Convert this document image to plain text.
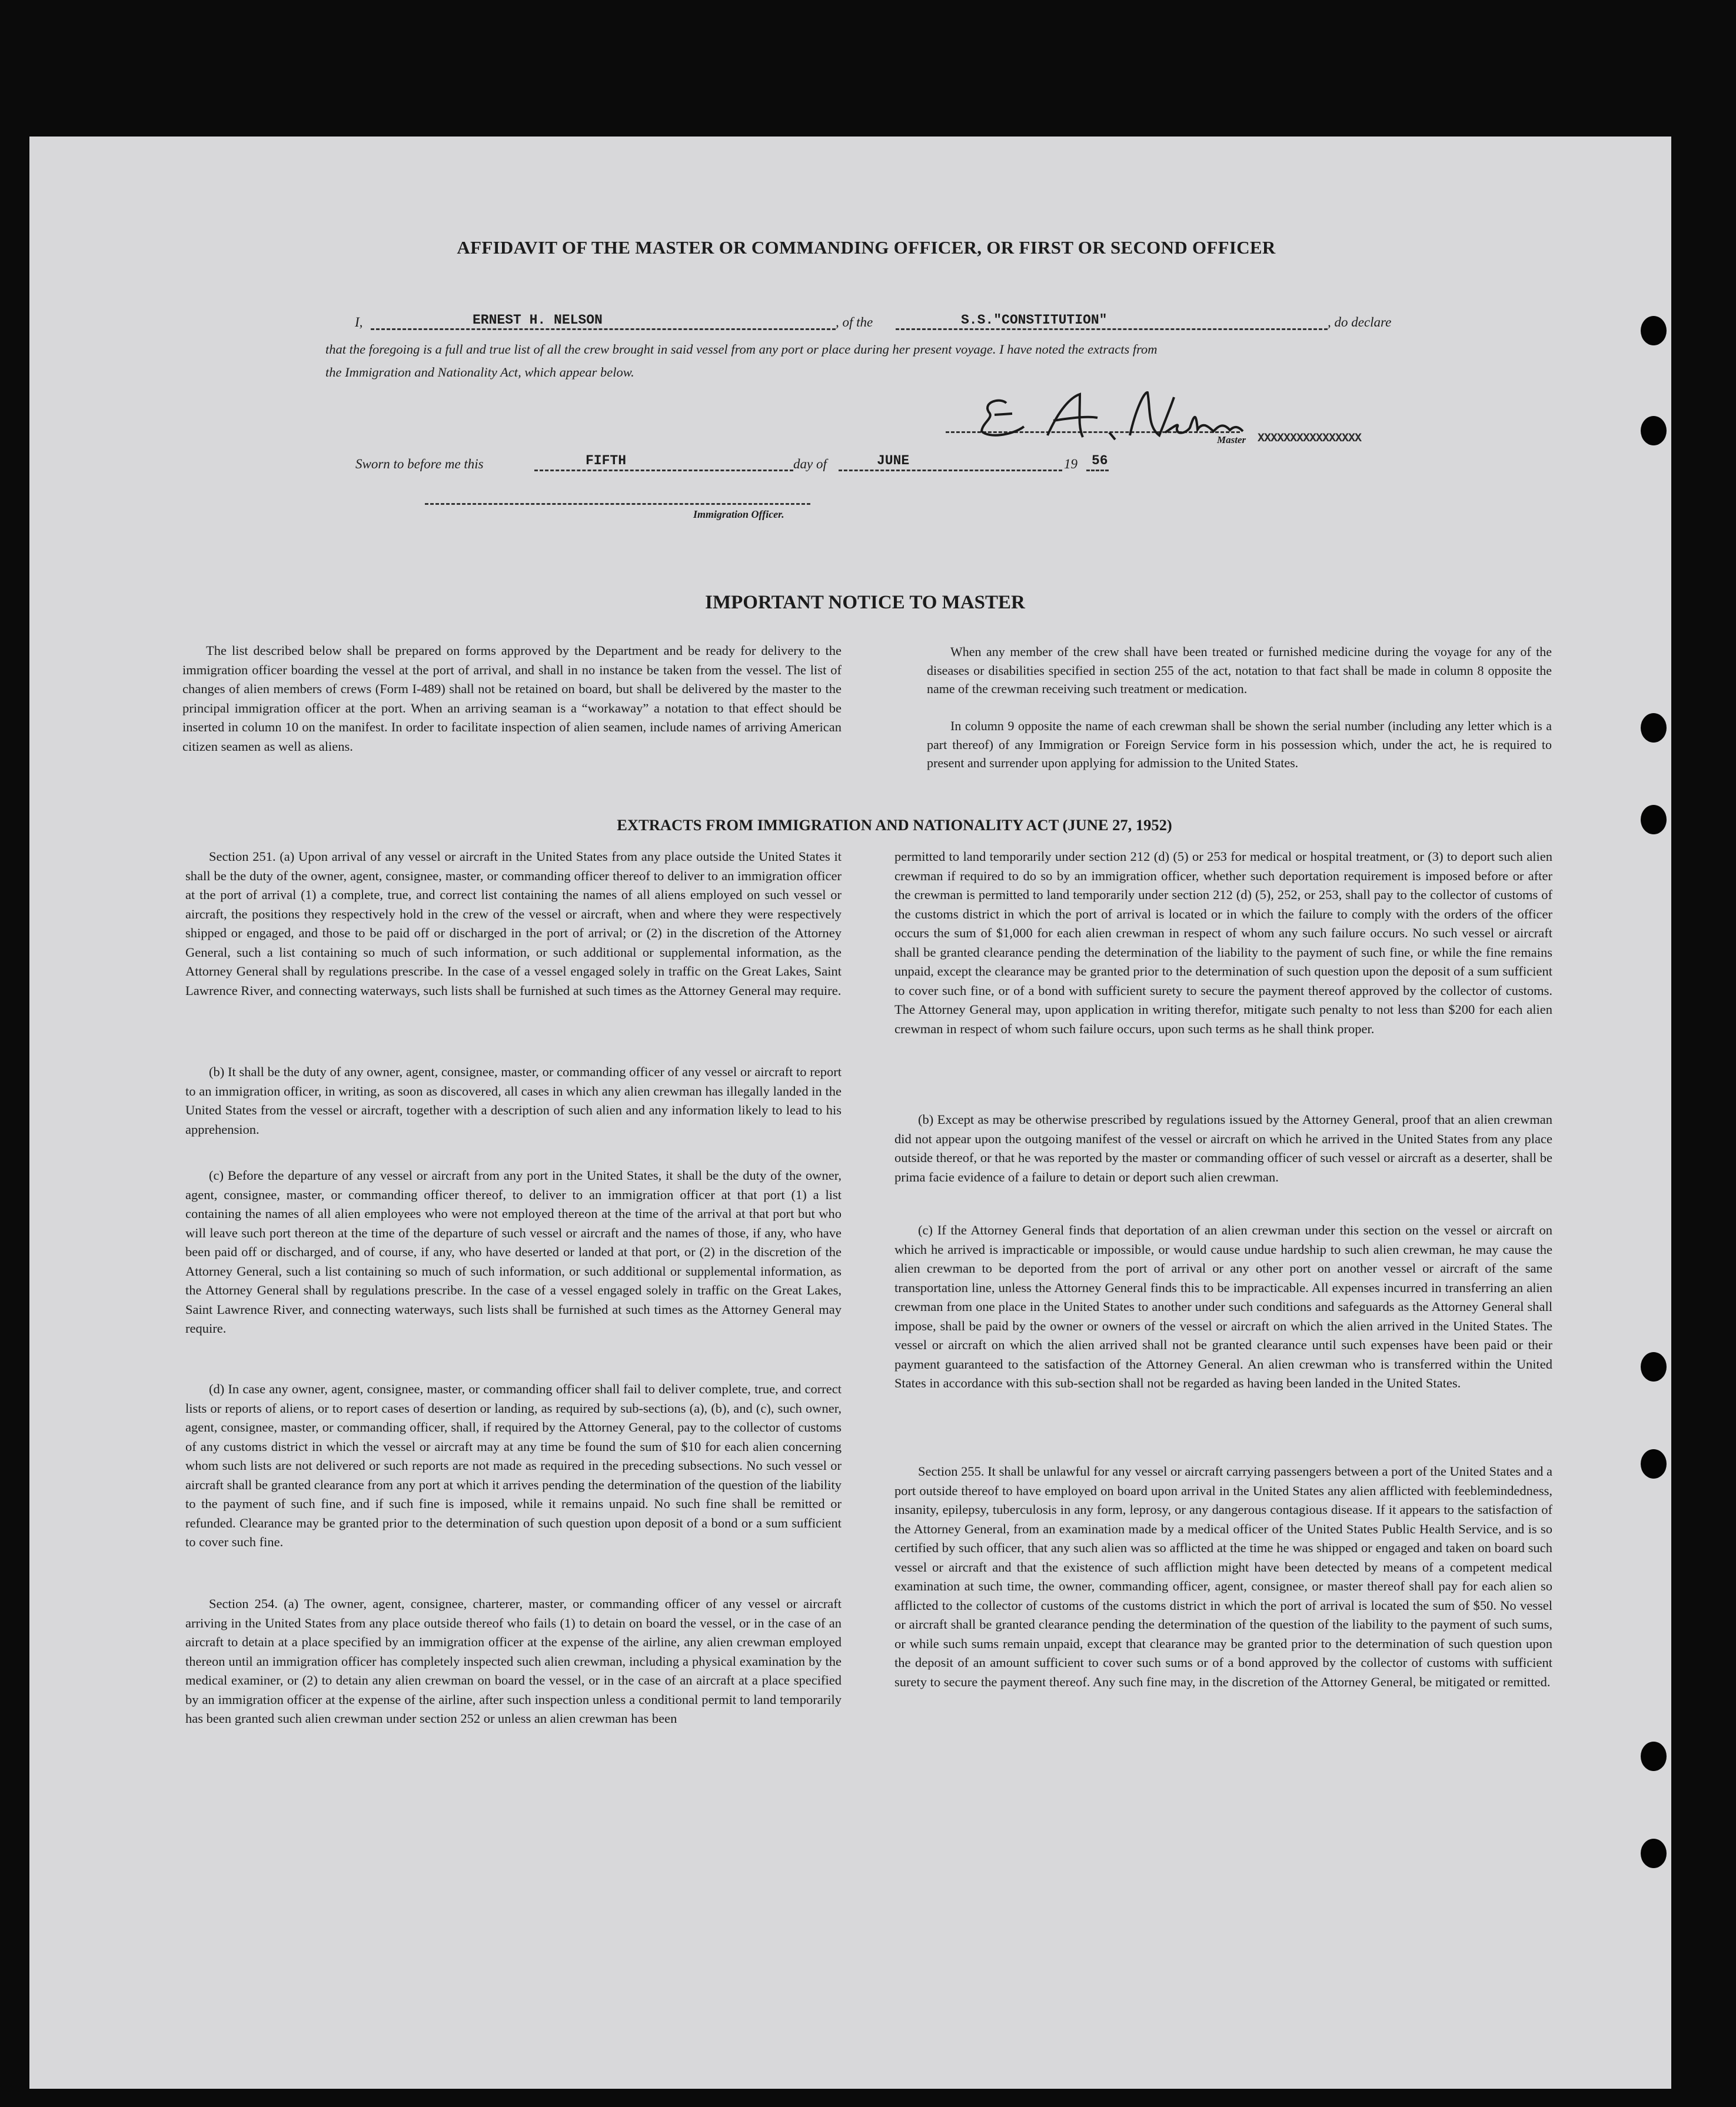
AFFIDAVIT OF THE MASTER OR COMMANDING OFFICER, OR FIRST OR SECOND OFFICER
I,	ERNEST H. NELSON	, of the	S.S."CONSTITUTION"	, do declare
that the foregoing is a full and true list of all the crew brought in said vessel from any port or place during her present voyage. I have noted the extracts from
the Immigration and Nationality Act, which appear below.
Master XXXXXXXXXXXXXXXX
Sworn to before me this	FIFTH	day of	JUNE	19 56
Immigration Officer.
IMPORTANT NOTICE TO MASTER

The list described below shall be prepared on forms approved by the Department and be ready for delivery to the immigration officer boarding the vessel at the port of arrival, and shall in no instance be taken from the vessel. The list of changes of alien members of crews (Form I-489) shall not be retained on board, but shall be delivered by the master to the principal immigration officer at the port. When an arriving seaman is a “workaway” a notation to that effect should be inserted in column 10 on the manifest. In order to facilitate inspection of alien seamen, include names of arriving American citizen seamen as well as aliens.

When any member of the crew shall have been treated or furnished medicine during the voyage for any of the diseases or disabilities specified in section 255 of the act, notation to that fact shall be made in column 8 opposite the name of the crewman receiving such treatment or medication.

In column 9 opposite the name of each crewman shall be shown the serial number (including any letter which is a part thereof) of any Immigration or Foreign Service form in his possession which, under the act, he is required to present and surrender upon applying for admission to the United States.

EXTRACTS FROM IMMIGRATION AND NATIONALITY ACT (JUNE 27, 1952)

Section 251. (a) Upon arrival of any vessel or aircraft in the United States from any place outside the United States it shall be the duty of the owner, agent, consignee, master, or commanding officer thereof to deliver to an immigration officer at the port of arrival (1) a complete, true, and correct list containing the names of all aliens employed on such vessel or aircraft, the positions they respectively hold in the crew of the vessel or aircraft, when and where they were respectively shipped or engaged, and those to be paid off or discharged in the port of arrival; or (2) in the discretion of the Attorney General, such a list containing so much of such information, or such additional or supplemental information, as the Attorney General shall by regulations prescribe. In the case of a vessel engaged solely in traffic on the Great Lakes, Saint Lawrence River, and connecting waterways, such lists shall be furnished at such times as the Attorney General may require.

(b) It shall be the duty of any owner, agent, consignee, master, or commanding officer of any vessel or aircraft to report to an immigration officer, in writing, as soon as discovered, all cases in which any alien crewman has illegally landed in the United States from the vessel or aircraft, together with a description of such alien and any information likely to lead to his apprehension.

(c) Before the departure of any vessel or aircraft from any port in the United States, it shall be the duty of the owner, agent, consignee, master, or commanding officer thereof, to deliver to an immigration officer at that port (1) a list containing the names of all alien employees who were not employed thereon at the time of the arrival at that port but who will leave such port thereon at the time of the departure of such vessel or aircraft and the names of those, if any, who have been paid off or discharged, and of course, if any, who have deserted or landed at that port, or (2) in the discretion of the Attorney General, such a list containing so much of such information, or such additional or supplemental information, as the Attorney General shall by regulations prescribe. In the case of a vessel engaged solely in traffic on the Great Lakes, Saint Lawrence River, and connecting waterways, such lists shall be furnished at such times as the Attorney General may require.

(d) In case any owner, agent, consignee, master, or commanding officer shall fail to deliver complete, true, and correct lists or reports of aliens, or to report cases of desertion or landing, as required by sub-sections (a), (b), and (c), such owner, agent, consignee, master, or commanding officer, shall, if required by the Attorney General, pay to the collector of customs of any customs district in which the vessel or aircraft may at any time be found the sum of $10 for each alien concerning whom such lists are not delivered or such reports are not made as required in the preceding subsections. No such vessel or aircraft shall be granted clearance from any port at which it arrives pending the determination of the question of the liability to the payment of such fine, and if such fine is imposed, while it remains unpaid. No such fine shall be remitted or refunded. Clearance may be granted prior to the determination of such question upon deposit of a bond or a sum sufficient to cover such fine.

Section 254. (a) The owner, agent, consignee, charterer, master, or commanding officer of any vessel or aircraft arriving in the United States from any place outside thereof who fails (1) to detain on board the vessel, or in the case of an aircraft to detain at a place specified by an immigration officer at the expense of the airline, any alien crewman employed thereon until an immigration officer has completely inspected such alien crewman, including a physical examination by the medical examiner, or (2) to detain any alien crewman on board the vessel, or in the case of an aircraft at a place specified by an immigration officer at the expense of the airline, after such inspection unless a conditional permit to land temporarily has been granted such alien crewman under section 252 or unless an alien crewman has been

permitted to land temporarily under section 212 (d) (5) or 253 for medical or hospital treatment, or (3) to deport such alien crewman if required to do so by an immigration officer, whether such deportation requirement is imposed before or after the crewman is permitted to land temporarily under section 212 (d) (5), 252, or 253, shall pay to the collector of customs of the customs district in which the port of arrival is located or in which the failure to comply with the orders of the officer occurs the sum of $1,000 for each alien crewman in respect of whom any such failure occurs. No such vessel or aircraft shall be granted clearance pending the determination of the liability to the payment of such fine, or while the fine remains unpaid, except the clearance may be granted prior to the determination of such question upon the deposit of a sum sufficient to cover such fine, or of a bond with sufficient surety to secure the payment thereof approved by the collector of customs. The Attorney General may, upon application in writing therefor, mitigate such penalty to not less than $200 for each alien crewman in respect of whom such failure occurs, upon such terms as he shall think proper.

(b) Except as may be otherwise prescribed by regulations issued by the Attorney General, proof that an alien crewman did not appear upon the outgoing manifest of the vessel or aircraft on which he arrived in the United States from any place outside thereof, or that he was reported by the master or commanding officer of such vessel or aircraft as a deserter, shall be prima facie evidence of a failure to detain or deport such alien crewman.

(c) If the Attorney General finds that deportation of an alien crewman under this section on the vessel or aircraft on which he arrived is impracticable or impossible, or would cause undue hardship to such alien crewman, he may cause the alien crewman to be deported from the port of arrival or any other port on another vessel or aircraft of the same transportation line, unless the Attorney General finds this to be impracticable. All expenses incurred in transferring an alien crewman from one place in the United States to another under such conditions and safeguards as the Attorney General shall impose, shall be paid by the owner or owners of the vessel or aircraft on which the alien arrived in the United States. The vessel or aircraft on which the alien arrived shall not be granted clearance until such expenses have been paid or their payment guaranteed to the satisfaction of the Attorney General. An alien crewman who is transferred within the United States in accordance with this sub-section shall not be regarded as having been landed in the United States.

Section 255. It shall be unlawful for any vessel or aircraft carrying passengers between a port of the United States and a port outside thereof to have employed on board upon arrival in the United States any alien afflicted with feeblemindedness, insanity, epilepsy, tuberculosis in any form, leprosy, or any dangerous contagious disease. If it appears to the satisfaction of the Attorney General, from an examination made by a medical officer of the United States Public Health Service, and is so certified by such officer, that any such alien was so afflicted at the time he was shipped or engaged and taken on board such vessel or aircraft and that the existence of such affliction might have been detected by means of a competent medical examination at such time, the owner, commanding officer, agent, consignee, or master thereof shall pay for each alien so afflicted to the collector of customs of the customs district in which the port of arrival is located the sum of $50. No vessel or aircraft shall be granted clearance pending the determination of the question of the liability to the payment of such sums, or while such sums remain unpaid, except that clearance may be granted prior to the determination of such question upon the deposit of an amount sufficient to cover such sums or of a bond approved by the collector of customs with sufficient surety to secure the payment thereof. Any such fine may, in the discretion of the Attorney General, be mitigated or remitted.
